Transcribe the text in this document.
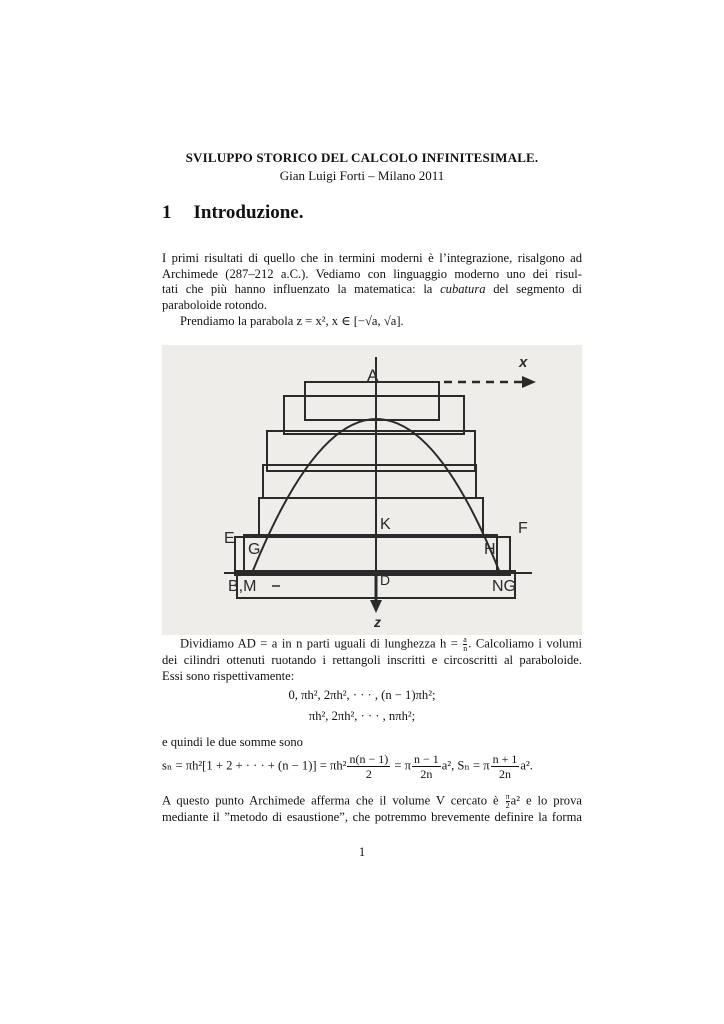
SVILUPPO STORICO DEL CALCOLO INFINITESIMALE.
Gian Luigi Forti – Milano 2011
1 Introduzione.
I primi risultati di quello che in termini moderni è l’integrazione, risalgono ad
Archimede (287–212 a.C.). Vediamo con linguaggio moderno uno dei risul-
tati che più hanno influenzato la matematica: la cubatura del segmento di
paraboloide rotondo.
Prendiamo la parabola z = x², x ∈ [−√a, √a].
A
x
K
E
G
F
H
B,M	D	NG
z
Dividiamo AD = a in n parti uguali di lunghezza $h = \frac{a}{n}$ . Calcoliamo i volumi
dei cilindri ottenuti ruotando i rettangoli inscritti e circoscritti al paraboloide.
Essi sono rispettivamente:
0, πh², 2πh², · · · , (n − 1)πh²;
πh², 2πh², · · · , nπh²;
e quindi le due somme sono
sₙ = πh²[1 + 2 + · · · + $(n - 1)] = \pi h^2 \frac{n(n - 1)}{2} = \pi \frac{n - 1}{2n} a^2$, Sₙ = π $\frac{n + 1}{2n} a^2$.
A questo punto Archimede afferma che il volume V cercato è $\frac{\pi}{2} a^2$ e lo prova
mediante il ”metodo di esaustione”, che potremmo brevemente definire la forma
1
